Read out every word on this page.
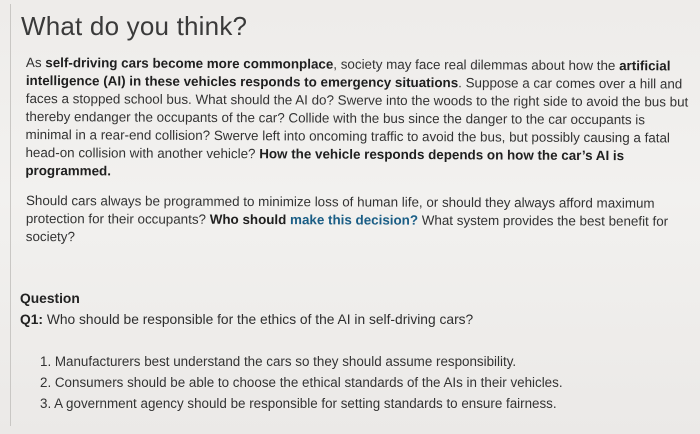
What do you think?

As self-driving cars become more commonplace, society may face real dilemmas about how the artificial intelligence (AI) in these vehicles responds to emergency situations. Suppose a car comes over a hill and faces a stopped school bus. What should the AI do? Swerve into the woods to the right side to avoid the bus but thereby endanger the occupants of the car? Collide with the bus since the danger to the car occupants is minimal in a rear-end collision? Swerve left into oncoming traffic to avoid the bus, but possibly causing a fatal head-on collision with another vehicle? How the vehicle responds depends on how the car’s AI is programmed.

Should cars always be programmed to minimize loss of human life, or should they always afford maximum protection for their occupants? Who should make this decision? What system provides the best benefit for society?

Question

Q1: Who should be responsible for the ethics of the AI in self-driving cars?

1. Manufacturers best understand the cars so they should assume responsibility.
2. Consumers should be able to choose the ethical standards of the AIs in their vehicles.
3. A government agency should be responsible for setting standards to ensure fairness.
